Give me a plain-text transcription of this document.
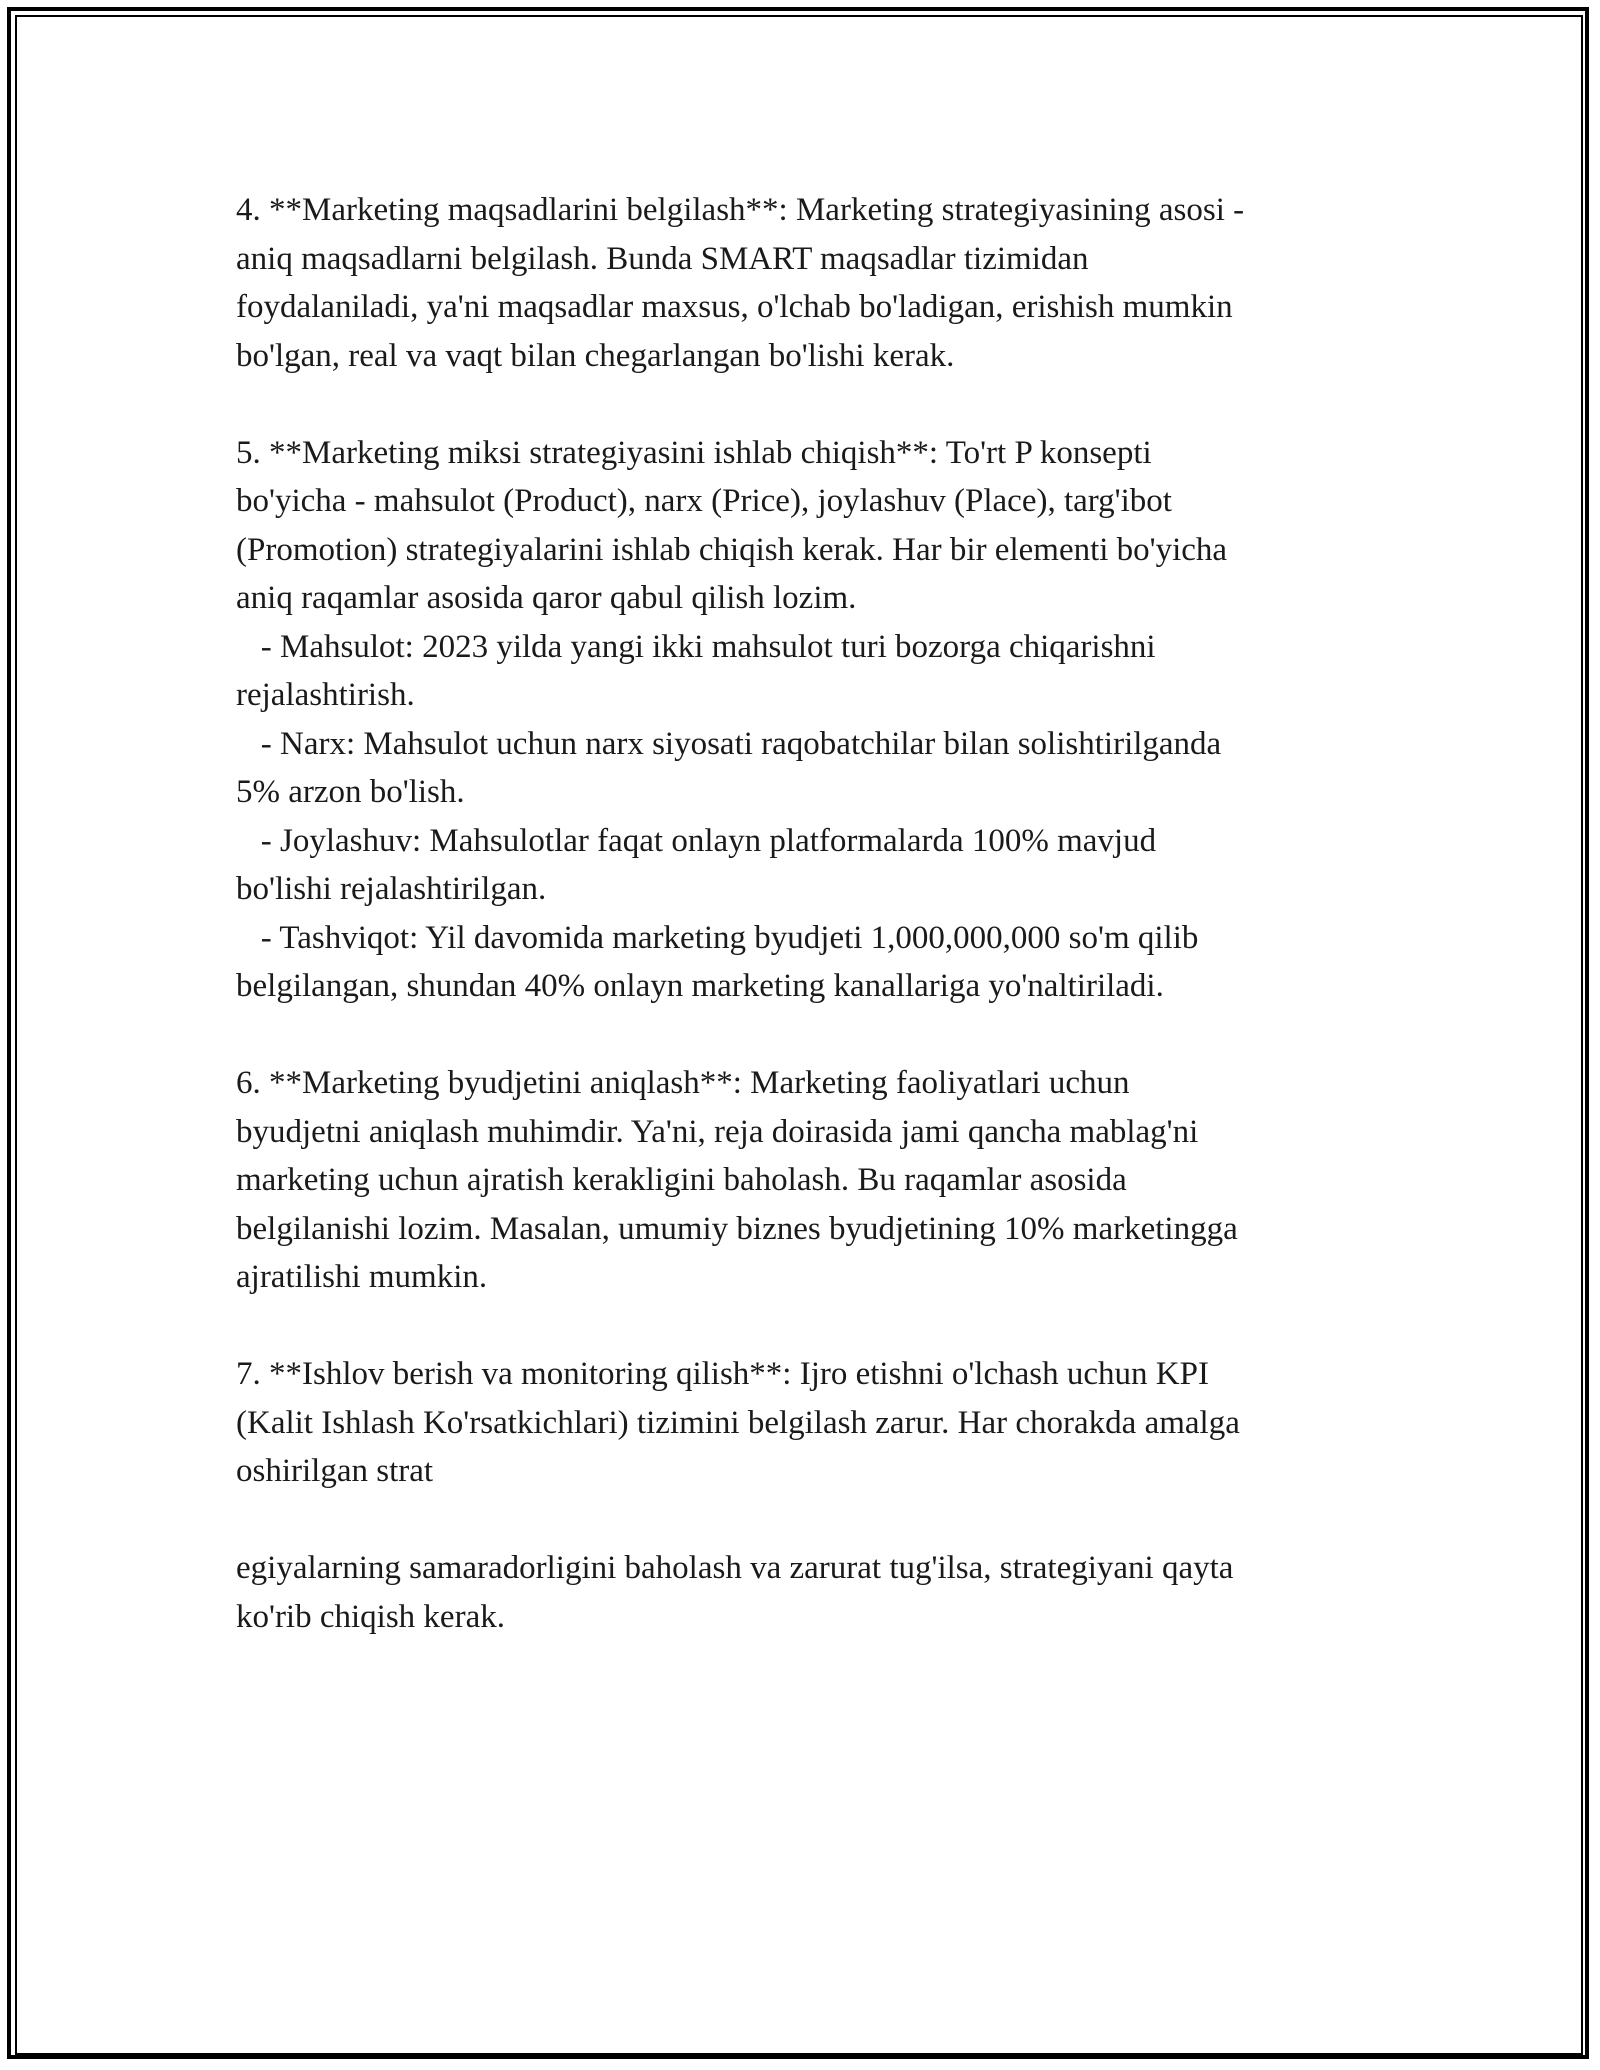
4. **Marketing maqsadlarini belgilash**: Marketing strategiyasining asosi -
aniq maqsadlarni belgilash. Bunda SMART maqsadlar tizimidan
foydalaniladi, ya'ni maqsadlar maxsus, o'lchab bo'ladigan, erishish mumkin
bo'lgan, real va vaqt bilan chegarlangan bo'lishi kerak.
5. **Marketing miksi strategiyasini ishlab chiqish**: To'rt P konsepti
bo'yicha - mahsulot (Product), narx (Price), joylashuv (Place), targ'ibot
(Promotion) strategiyalarini ishlab chiqish kerak. Har bir elementi bo'yicha
aniq raqamlar asosida qaror qabul qilish lozim.
- Mahsulot: 2023 yilda yangi ikki mahsulot turi bozorga chiqarishni
rejalashtirish.
- Narx: Mahsulot uchun narx siyosati raqobatchilar bilan solishtirilganda
5% arzon bo'lish.
- Joylashuv: Mahsulotlar faqat onlayn platformalarda 100% mavjud
bo'lishi rejalashtirilgan.
- Tashviqot: Yil davomida marketing byudjeti 1,000,000,000 so'm qilib
belgilangan, shundan 40% onlayn marketing kanallariga yo'naltiriladi.
6. **Marketing byudjetini aniqlash**: Marketing faoliyatlari uchun
byudjetni aniqlash muhimdir. Ya'ni, reja doirasida jami qancha mablag'ni
marketing uchun ajratish kerakligini baholash. Bu raqamlar asosida
belgilanishi lozim. Masalan, umumiy biznes byudjetining 10% marketingga
ajratilishi mumkin.
7. **Ishlov berish va monitoring qilish**: Ijro etishni o'lchash uchun KPI
(Kalit Ishlash Ko'rsatkichlari) tizimini belgilash zarur. Har chorakda amalga
oshirilgan strat
egiyalarning samaradorligini baholash va zarurat tug'ilsa, strategiyani qayta
ko'rib chiqish kerak.
